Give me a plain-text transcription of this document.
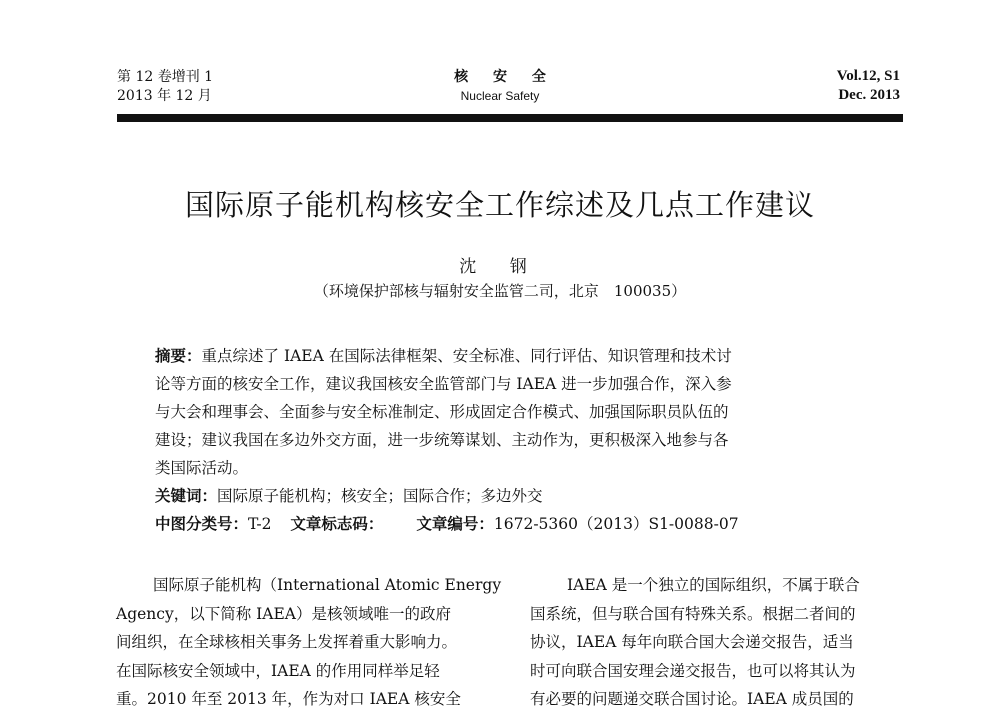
第 12 卷增刊 1
2013 年 12 月
核 安 全
Nuclear Safety
Vol.12, S1
Dec. 2013
国际原子能机构核安全工作综述及几点工作建议
沈 钢
（环境保护部核与辐射安全监管二司，北京　100035）
摘要：重点综述了 IAEA 在国际法律框架、安全标准、同行评估、知识管理和技术讨
论等方面的核安全工作，建议我国核安全监管部门与 IAEA 进一步加强合作，深入参
与大会和理事会、全面参与安全标准制定、形成固定合作模式、加强国际职员队伍的
建设；建议我国在多边外交方面，进一步统筹谋划、主动作为，更积极深入地参与各
类国际活动。
关键词：国际原子能机构；核安全；国际合作；多边外交
中图分类号：T-2 文章标志码： 文章编号：1672-5360（2013）S1-0088-07
国际原子能机构（International Atomic Energy
Agency，以下简称 IAEA）是核领域唯一的政府
间组织，在全球核相关事务上发挥着重大影响力。
在国际核安全领域中，IAEA 的作用同样举足轻
重。2010 年至 2013 年，作为对口 IAEA 核安全
IAEA 是一个独立的国际组织，不属于联合
国系统，但与联合国有特殊关系。根据二者间的
协议，IAEA 每年向联合国大会递交报告，适当
时可向联合国安理会递交报告，也可以将其认为
有必要的问题递交联合国讨论。IAEA 成员国的
